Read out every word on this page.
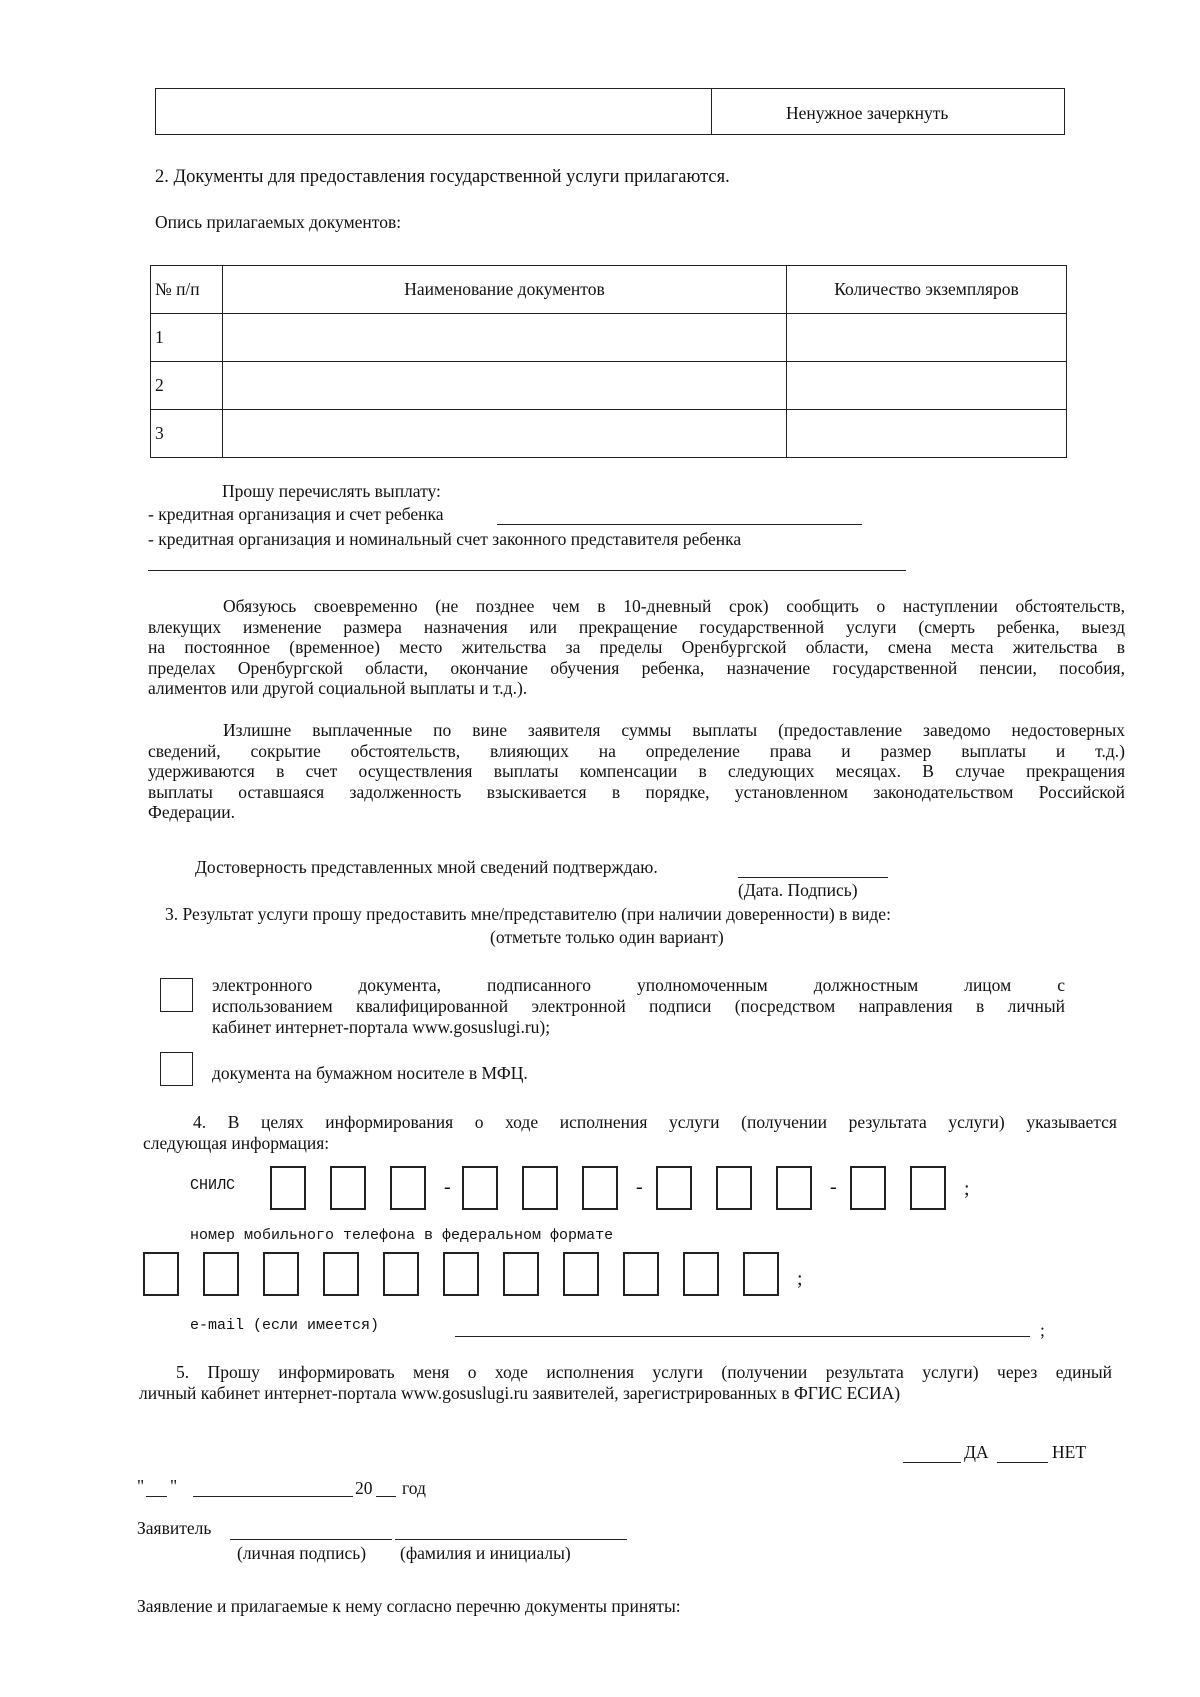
Ненужное зачеркнуть
2. Документы для предоставления государственной услуги прилагаются.
Опись прилагаемых документов:
№ п/п	Наименование документов	Количество экземпляров
1		
2		
3		
Прошу перечислять выплату:
- кредитная организация и счет ребенка
- кредитная организация и номинальный счет законного представителя ребенка
Обязуюсь своевременно (не позднее чем в 10-дневный срок) сообщить о наступлении обстоятельств,
влекущих изменение размера назначения или прекращение государственной услуги (смерть ребенка, выезд
на постоянное (временное) место жительства за пределы Оренбургской области, смена места жительства в
пределах Оренбургской области, окончание обучения ребенка, назначение государственной пенсии, пособия,
алиментов или другой социальной выплаты и т.д.).
Излишне выплаченные по вине заявителя суммы выплаты (предоставление заведомо недостоверных
сведений, сокрытие обстоятельств, влияющих на определение права и размер выплаты и т.д.)
удерживаются в счет осуществления выплаты компенсации в следующих месяцах. В случае прекращения
выплаты оставшаяся задолженность взыскивается в порядке, установленном законодательством Российской
Федерации.
Достоверность представленных мной сведений подтверждаю.
(Дата. Подпись)
3. Результат услуги прошу предоставить мне/представителю (при наличии доверенности) в виде:
(отметьте только один вариант)
электронного документа, подписанного уполномоченным должностным лицом с
использованием квалифицированной электронной подписи (посредством направления в личный
кабинет интернет-портала www.gosuslugi.ru);
документа на бумажном носителе в МФЦ.
4. В целях информирования о ходе исполнения услуги (получении результата услуги) указывается
следующая информация:
СНИЛС	-	-	-	;
номер мобильного телефона в федеральном формате
;
e-mail (если имеется)	;
5. Прошу информировать меня о ходе исполнения услуги (получении результата услуги) через единый
личный кабинет интернет-портала www.gosuslugi.ru заявителей, зарегистрированных в ФГИС ЕСИА)
ДА	НЕТ
" "	20 год
Заявитель
(личная подпись) (фамилия и инициалы)
Заявление и прилагаемые к нему согласно перечню документы приняты:
